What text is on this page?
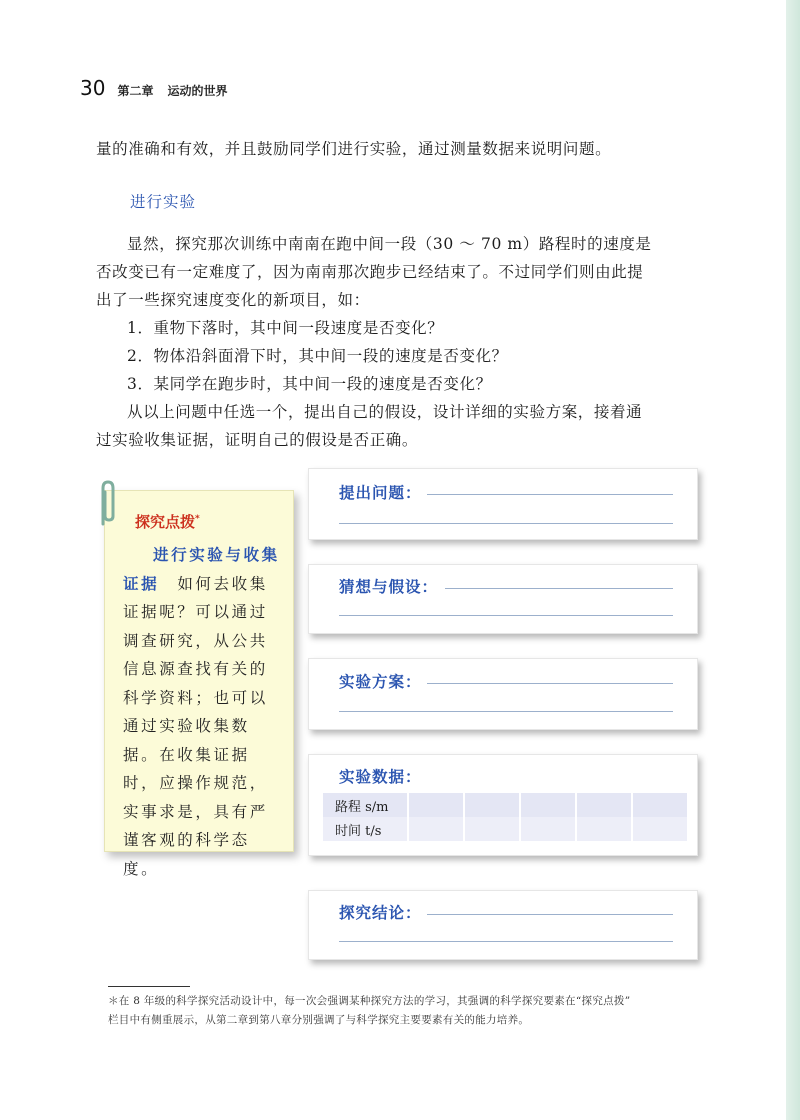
30 第二章 运动的世界

量的准确和有效，并且鼓励同学们进行实验，通过测量数据来说明问题。

进行实验

显然，探究那次训练中南南在跑中间一段（30 ～ 70 m）路程时的速度是

否改变已有一定难度了，因为南南那次跑步已经结束了。不过同学们则由此提

出了一些探究速度变化的新项目，如：

1．重物下落时，其中间一段速度是否变化？

2．物体沿斜面滑下时，其中间一段的速度是否变化？

3．某同学在跑步时，其中间一段的速度是否变化？

从以上问题中任选一个，提出自己的假设，设计详细的实验方案，接着通

过实验收集证据，证明自己的假设是否正确。

探究点拨*
进行实验与收集证据　 如何去收集证据呢？可以通过调查研究，从公共信息源查找有关的科学资料；也可以通过实验收集数据。在收集证据时，应操作规范，实事求是，具有严谨客观的科学态度。
提出问题：
猜想与假设：
实验方案：
实验数据：
路程 s/m					
时间 t/s					
探究结论：
＊在 8 年级的科学探究活动设计中，每一次会强调某种探究方法的学习，其强调的科学探究要素在“探究点拨”
栏目中有侧重展示，从第二章到第八章分别强调了与科学探究主要要素有关的能力培养。
